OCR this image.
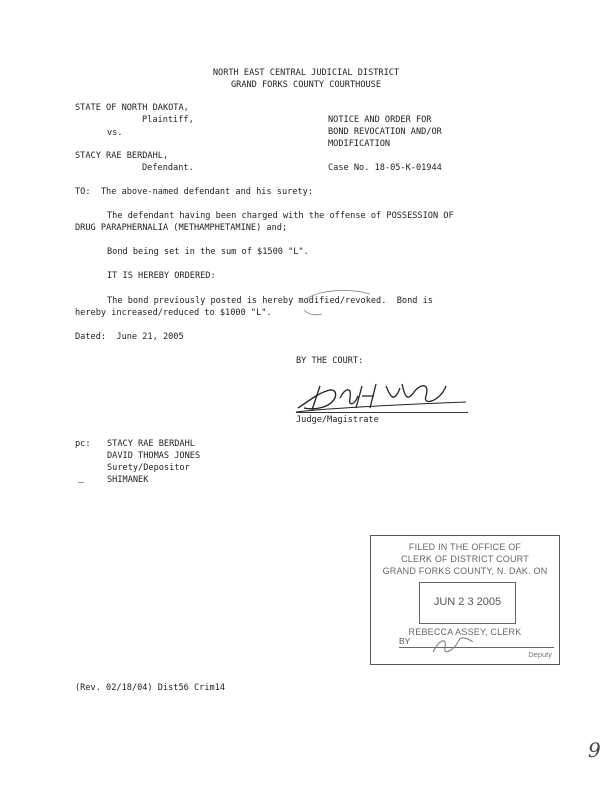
NORTH EAST CENTRAL JUDICIAL DISTRICT
GRAND FORKS COUNTY COURTHOUSE
STATE OF NORTH DAKOTA,
Plaintiff,
vs.
STACY RAE BERDAHL,
Defendant.
NOTICE AND ORDER FOR
BOND REVOCATION AND/OR
MODIFICATION
Case No. 18-05-K-01944
TO:  The above-named defendant and his surety:
The defendant having been charged with the offense of POSSESSION OF
DRUG PARAPHERNALIA (METHAMPHETAMINE) and;
Bond being set in the sum of $1500 "L".
IT IS HEREBY ORDERED:
The bond previously posted is hereby modified/revoked.  Bond is
hereby increased/reduced to $1000 "L".
Dated:  June 21, 2005
BY THE COURT:
Judge/Magistrate
pc: STACY RAE BERDAHL
DAVID THOMAS JONES
Surety/Depositor
SHIMANEK
FILED IN THE OFFICE OF
CLERK OF DISTRICT COURT
GRAND FORKS COUNTY, N. DAK. ON
JUN 2 3 2005
REBECCA ASSEY, CLERK
BY
Deputy
(Rev. 02/18/04) Dist56 Crim14
9
